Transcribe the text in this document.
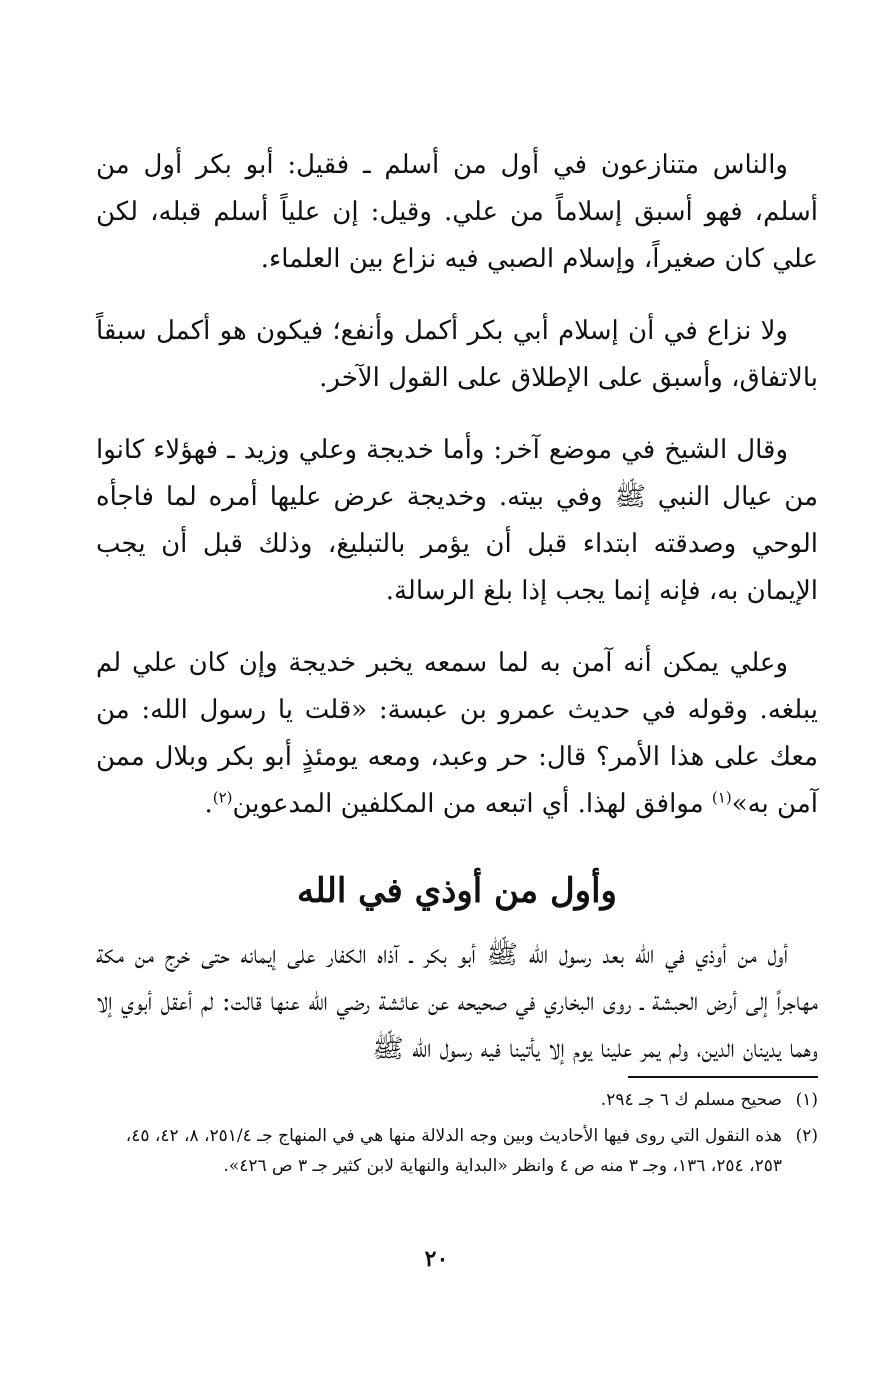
والناس متنازعون في أول من أسلم ـ فقيل: أبو بكر أول من أسلم، فهو أسبق إسلاماً من علي. وقيل: إن علياً أسلم قبله، لكن علي كان صغيراً، وإسلام الصبي فيه نزاع بين العلماء.

ولا نزاع في أن إسلام أبي بكر أكمل وأنفع؛ فيكون هو أكمل سبقاً بالاتفاق، وأسبق على الإطلاق على القول الآخر.

وقال الشيخ في موضع آخر: وأما خديجة وعلي وزيد ـ فهؤلاء كانوا من عيال النبي ﷺ وفي بيته. وخديجة عرض عليها أمره لما فاجأه الوحي وصدقته ابتداء قبل أن يؤمر بالتبليغ، وذلك قبل أن يجب الإيمان به، فإنه إنما يجب إذا بلغ الرسالة.

وعلي يمكن أنه آمن به لما سمعه يخبر خديجة وإن كان علي لم يبلغه. وقوله في حديث عمرو بن عبسة: «قلت يا رسول الله: من معك على هذا الأمر؟ قال: حر وعبد، ومعه يومئذٍ أبو بكر وبلال ممن آمن به»$^{(١)}$ موافق لهذا. أي اتبعه من المكلفين المدعوين$^{(٢)}$.

وأول من أوذي في الله

أول من أوذي في الله بعد رسول الله ﷺ أبو بكر ـ آذاه الكفار على إيمانه حتى خرج من مكة مهاجراً إلى أرض الحبشة ـ روى البخاري في صحيحه عن عائشة رضي الله عنها قالت: لم أعقل أبوي إلا وهما يدينان الدين، ولم يمر علينا يوم إلا يأتينا فيه رسول الله ﷺ

(١)
صحيح مسلم ك ٦ جـ ٢٩٤.

(٢)
هذه النقول التي روى فيها الأحاديث وبين وجه الدلالة منها هي في المنهاج جـ ٢٥١/٤، ٨، ٤٢، ٤٥، ٢٥٣، ٢٥٤، ١٣٦، وجـ ٣ منه ص ٤ وانظر «البداية والنهاية لابن كثير جـ ٣ ص ٤٢٦».

٢٠
